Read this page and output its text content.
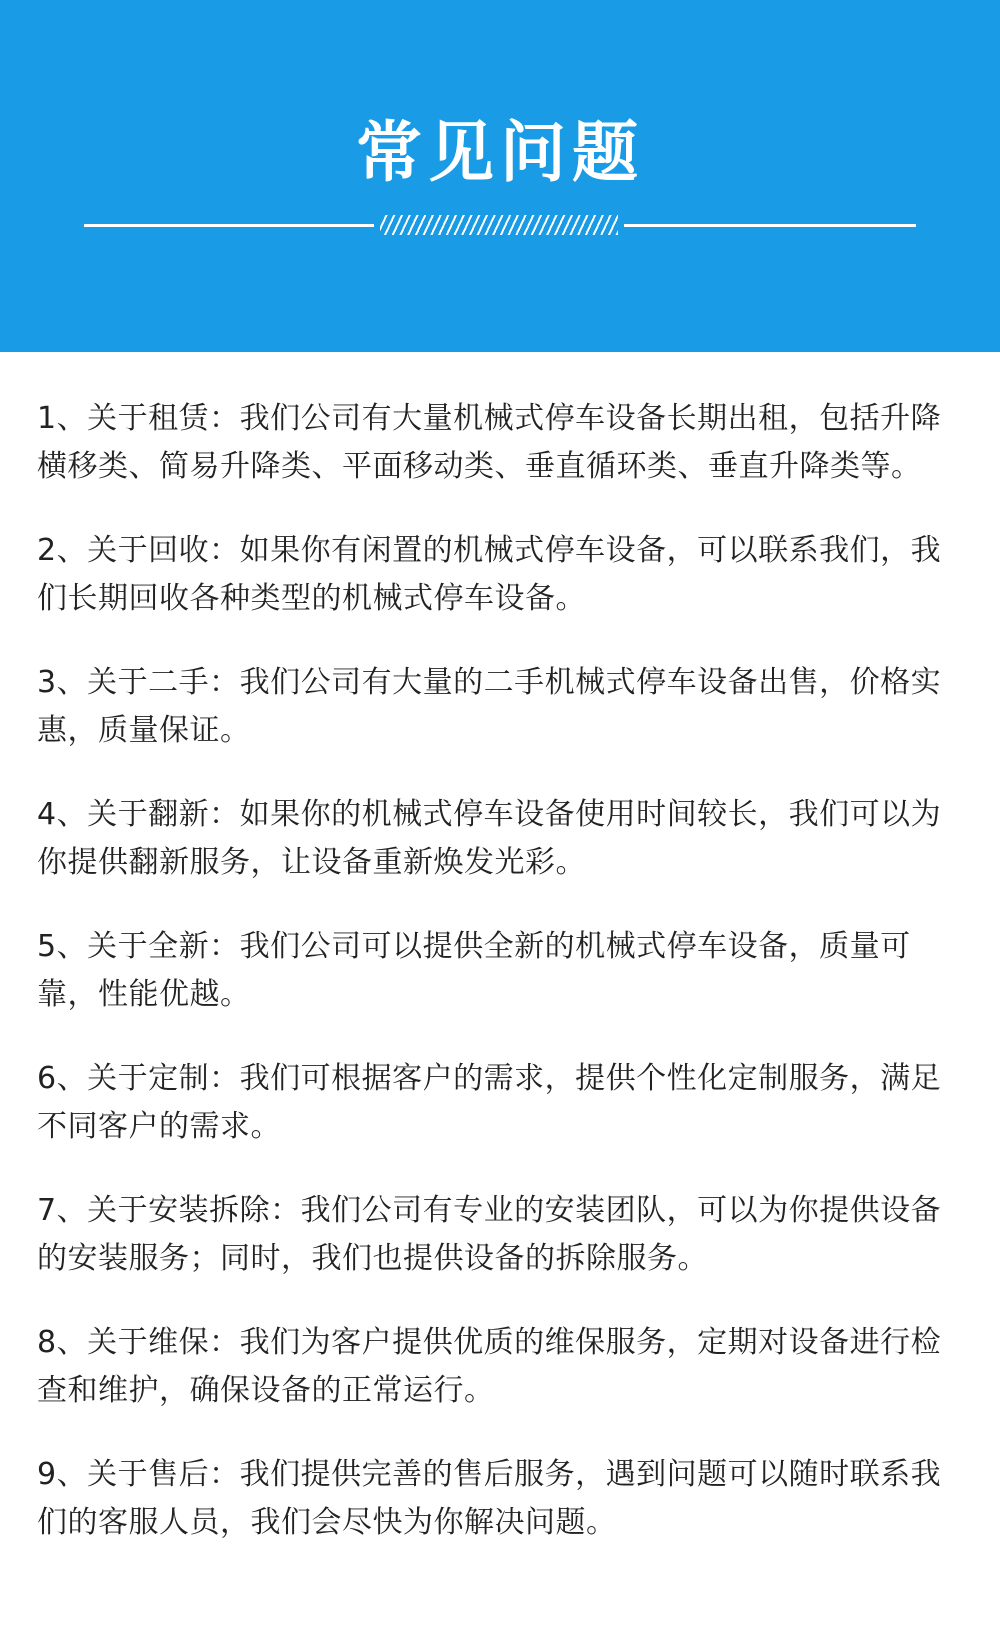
常见问题

1、关于租赁：我们公司有大量机械式停车设备长期出租，包括升降横移类、简易升降类、平面移动类、垂直循环类、垂直升降类等。

2、关于回收：如果你有闲置的机械式停车设备，可以联系我们，我们长期回收各种类型的机械式停车设备。

3、关于二手：我们公司有大量的二手机械式停车设备出售，价格实惠，质量保证。

4、关于翻新：如果你的机械式停车设备使用时间较长，我们可以为你提供翻新服务，让设备重新焕发光彩。

5、关于全新：我们公司可以提供全新的机械式停车设备，质量可靠，性能优越。

6、关于定制：我们可根据客户的需求，提供个性化定制服务，满足不同客户的需求。

7、关于安装拆除：我们公司有专业的安装团队，可以为你提供设备的安装服务；同时，我们也提供设备的拆除服务。

8、关于维保：我们为客户提供优质的维保服务，定期对设备进行检查和维护，确保设备的正常运行。

9、关于售后：我们提供完善的售后服务，遇到问题可以随时联系我们的客服人员，我们会尽快为你解决问题。
